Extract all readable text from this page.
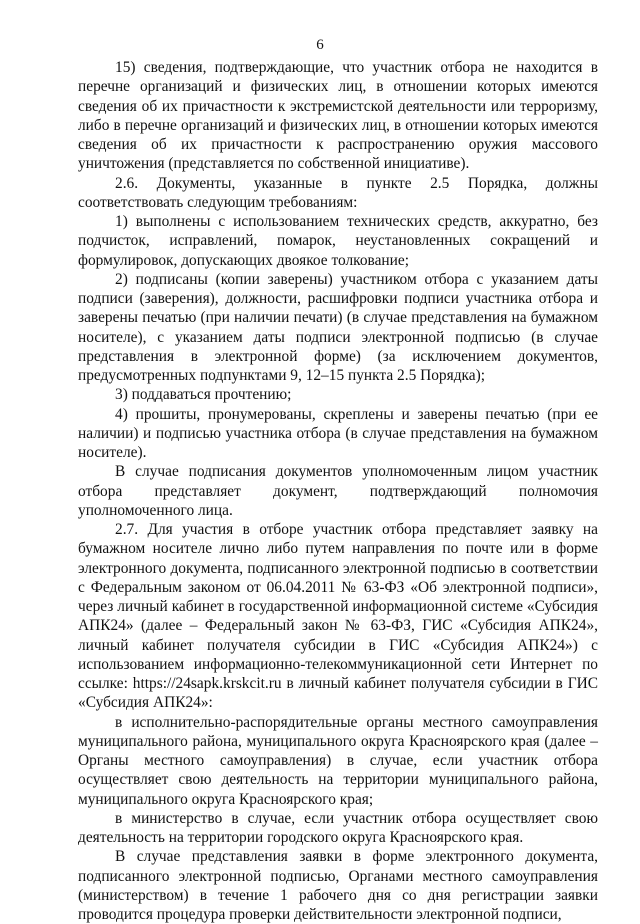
6

15) сведения, подтверждающие, что участник отбора не находится в перечне организаций и физических лиц, в отношении которых имеются сведения об их причастности к экстремистской деятельности или терроризму, либо в перечне организаций и физических лиц, в отношении которых имеются сведения об их причастности к распространению оружия массового уничтожения (представляется по собственной инициативе).

2.6. Документы, указанные в пункте 2.5 Порядка, должны соответствовать следующим требованиям:

1) выполнены с использованием технических средств, аккуратно, без подчисток, исправлений, помарок, неустановленных сокращений и формулировок, допускающих двоякое толкование;

2) подписаны (копии заверены) участником отбора с указанием даты подписи (заверения), должности, расшифровки подписи участника отбора и заверены печатью (при наличии печати) (в случае представления на бумажном носителе), с указанием даты подписи электронной подписью (в случае представления в электронной форме) (за исключением документов, предусмотренных подпунктами 9, 12–15 пункта 2.5 Порядка);

3) поддаваться прочтению;

4) прошиты, пронумерованы, скреплены и заверены печатью (при ее наличии) и подписью участника отбора (в случае представления на бумажном носителе).

В случае подписания документов уполномоченным лицом участник отбора представляет документ, подтверждающий полномочия уполномоченного лица.

2.7. Для участия в отборе участник отбора представляет заявку на бумажном носителе лично либо путем направления по почте или в форме электронного документа, подписанного электронной подписью в соответствии с Федеральным законом от 06.04.2011 № 63-ФЗ «Об электронной подписи», через личный кабинет в государственной информационной системе «Субсидия АПК24» (далее – Федеральный закон № 63-ФЗ, ГИС «Субсидия АПК24», личный кабинет получателя субсидии в ГИС «Субсидия АПК24») с использованием информационно-телекоммуникационной сети Интернет по ссылке: https://24sapk.krskcit.ru в личный кабинет получателя субсидии в ГИС «Субсидия АПК24»:

в исполнительно-распорядительные органы местного самоуправления муниципального района, муниципального округа Красноярского края (далее – Органы местного самоуправления) в случае, если участник отбора осуществляет свою деятельность на территории муниципального района, муниципального округа Красноярского края;

в министерство в случае, если участник отбора осуществляет свою деятельность на территории городского округа Красноярского края.

В случае представления заявки в форме электронного документа, подписанного электронной подписью, Органами местного самоуправления (министерством) в течение 1 рабочего дня со дня регистрации заявки проводится процедура проверки действительности электронной подписи,
